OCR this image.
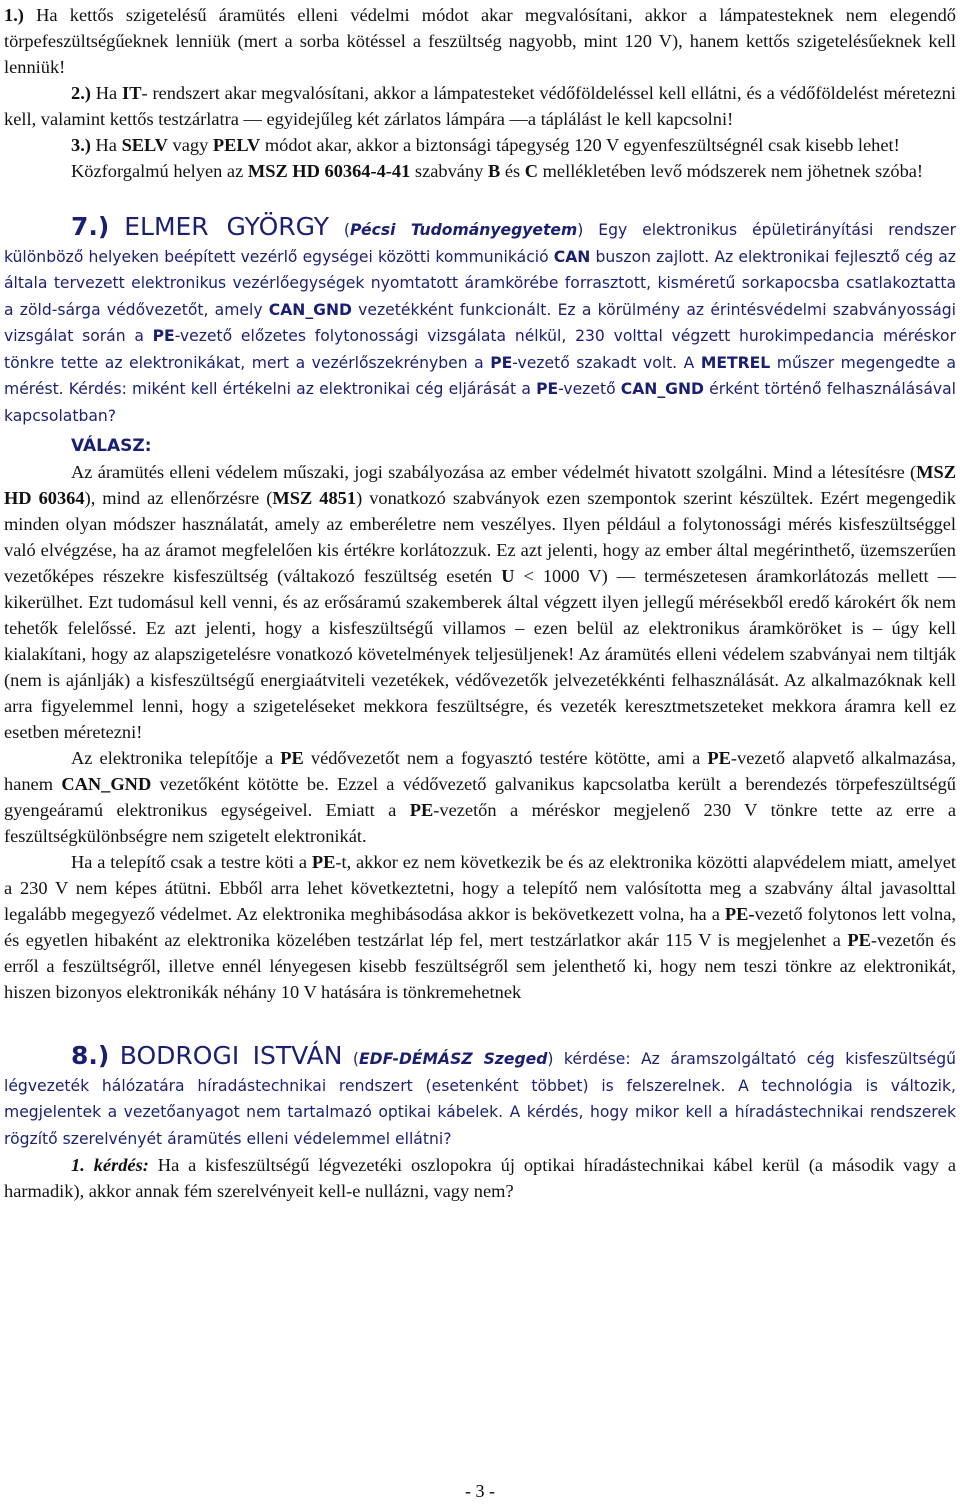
1.) Ha kettős szigetelésű áramütés elleni védelmi módot akar megvalósítani, akkor a lámpatesteknek nem elegendő törpefeszültségűeknek lenniük (mert a sorba kötéssel a feszültség nagyobb, mint 120 V), hanem kettős szigetelésűeknek kell lenniük!

2.) Ha IT- rendszert akar megvalósítani, akkor a lámpatesteket védőföldeléssel kell ellátni, és a védőföldelést méretezni kell, valamint kettős testzárlatra — egyidejűleg két zárlatos lámpára —a táplálást le kell kapcsolni!

3.) Ha SELV vagy PELV módot akar, akkor a biztonsági tápegység 120 V egyenfeszültségnél csak kisebb lehet!

Közforgalmú helyen az MSZ HD 60364-4-41 szabvány B és C mellékletében levő módszerek nem jöhetnek szóba!

7.) ELMER GYÖRGY (Pécsi Tudományegyetem) Egy elektronikus épületirányítási rendszer különböző helyeken beépített vezérlő egységei közötti kommunikáció CAN buszon zajlott. Az elektronikai fejlesztő cég az általa tervezett elektronikus vezérlőegységek nyomtatott áramkörébe forrasztott, kisméretű sorkapocsba csatlakoztatta a zöld-sárga védővezetőt, amely CAN_GND vezetékként funkcionált. Ez a körülmény az érintésvédelmi szabványossági vizsgálat során a PE-vezető előzetes folytonossági vizsgálata nélkül, 230 volttal végzett hurokimpedancia méréskor tönkre tette az elektronikákat, mert a vezérlőszekrényben a PE-vezető szakadt volt. A METREL műszer megengedte a mérést. Kérdés: miként kell értékelni az elektronikai cég eljárását a PE-vezető CAN_GND érként történő felhasználásával kapcsolatban?

VÁLASZ:

Az áramütés elleni védelem műszaki, jogi szabályozása az ember védelmét hivatott szolgálni. Mind a létesítésre (MSZ HD 60364), mind az ellenőrzésre (MSZ 4851) vonatkozó szabványok ezen szempontok szerint készültek. Ezért megengedik minden olyan módszer használatát, amely az emberéletre nem veszélyes. Ilyen például a folytonossági mérés kisfeszültséggel való elvégzése, ha az áramot megfelelően kis értékre korlátozzuk. Ez azt jelenti, hogy az ember által megérinthető, üzemszerűen vezetőképes részekre kisfeszültség (váltakozó feszültség esetén U < 1000 V) — természetesen áramkorlátozás mellett — kikerülhet. Ezt tudomásul kell venni, és az erősáramú szakemberek által végzett ilyen jellegű mérésekből eredő károkért ők nem tehetők felelőssé. Ez azt jelenti, hogy a kisfeszültségű villamos – ezen belül az elektronikus áramköröket is – úgy kell kialakítani, hogy az alapszigetelésre vonatkozó követelmények teljesüljenek! Az áramütés elleni védelem szabványai nem tiltják (nem is ajánlják) a kisfeszültségű energiaátviteli vezetékek, védővezetők jelvezetékkénti felhasználását. Az alkalmazóknak kell arra figyelemmel lenni, hogy a szigeteléseket mekkora feszültségre, és vezeték keresztmetszeteket mekkora áramra kell ez esetben méretezni!

Az elektronika telepítője a PE védővezetőt nem a fogyasztó testére kötötte, ami a PE-vezető alapvető alkalmazása, hanem CAN_GND vezetőként kötötte be. Ezzel a védővezető galvanikus kapcsolatba került a berendezés törpefeszültségű gyengeáramú elektronikus egységeivel. Emiatt a PE-vezetőn a méréskor megjelenő 230 V tönkre tette az erre a feszültségkülönbségre nem szigetelt elektronikát.

Ha a telepítő csak a testre köti a PE-t, akkor ez nem következik be és az elektronika közötti alapvédelem miatt, amelyet a 230 V nem képes átütni. Ebből arra lehet következtetni, hogy a telepítő nem valósította meg a szabvány által javasolttal legalább megegyező védelmet. Az elektronika meghibásodása akkor is bekövetkezett volna, ha a PE-vezető folytonos lett volna, és egyetlen hibaként az elektronika közelében testzárlat lép fel, mert testzárlatkor akár 115 V is megjelenhet a PE-vezetőn és erről a feszültségről, illetve ennél lényegesen kisebb feszültségről sem jelenthető ki, hogy nem teszi tönkre az elektronikát, hiszen bizonyos elektronikák néhány 10 V hatására is tönkremehetnek

8.) BODROGI ISTVÁN (EDF-DÉMÁSZ Szeged) kérdése: Az áramszolgáltató cég kisfeszültségű légvezeték hálózatára híradástechnikai rendszert (esetenként többet) is felszerelnek. A technológia is változik, megjelentek a vezetőanyagot nem tartalmazó optikai kábelek. A kérdés, hogy mikor kell a híradástechnikai rendszerek rögzítő szerelvényét áramütés elleni védelemmel ellátni?

1. kérdés: Ha a kisfeszültségű légvezetéki oszlopokra új optikai híradástechnikai kábel kerül (a második vagy a harmadik), akkor annak fém szerelvényeit kell-e nullázni, vagy nem?

- 3 -
